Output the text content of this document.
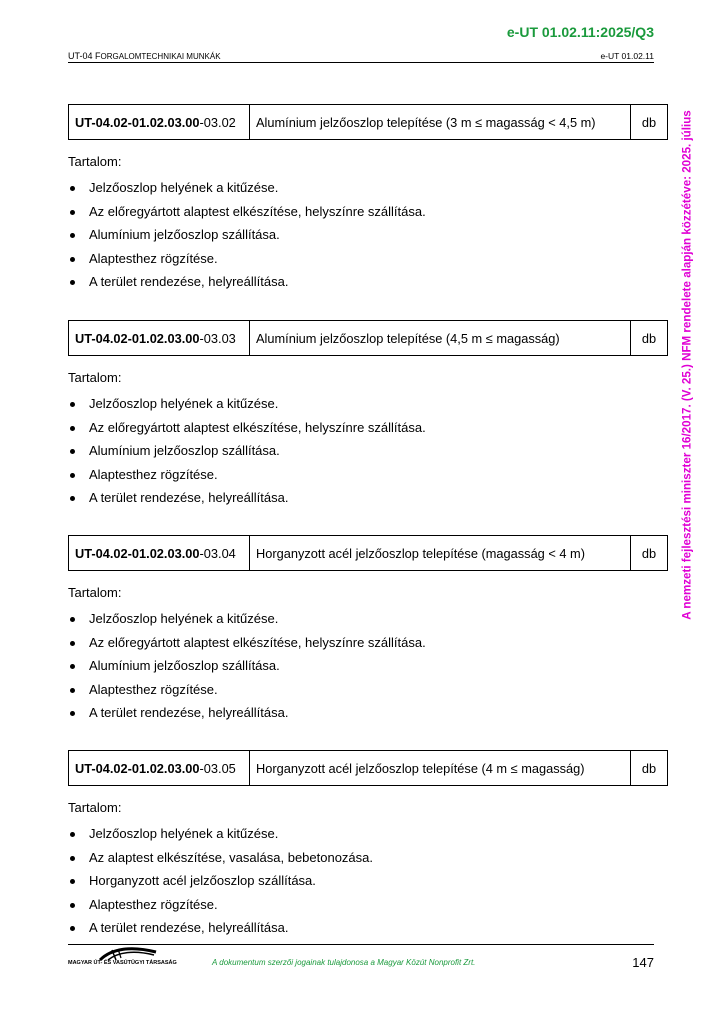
e-UT 01.02.11:2025/Q3
UT-04 FORGALOMTECHNIKAI MUNKÁK	e-UT 01.02.11
A nemzeti fejlesztési miniszter 16/2017. (V. 25.) NFM rendelete alapján közzétéve: 2025. július
UT-04.02-01.02.03.00-03.02	Alumínium jelzőoszlop telepítése (3 m ≤ magasság < 4,5 m)	db
Tartalom:
Jelzőoszlop helyének a kitűzése.
Az előregyártott alaptest elkészítése, helyszínre szállítása.
Alumínium jelzőoszlop szállítása.
Alaptesthez rögzítése.
A terület rendezése, helyreállítása.
UT-04.02-01.02.03.00-03.03	Alumínium jelzőoszlop telepítése (4,5 m ≤ magasság)	db
Tartalom:
Jelzőoszlop helyének a kitűzése.
Az előregyártott alaptest elkészítése, helyszínre szállítása.
Alumínium jelzőoszlop szállítása.
Alaptesthez rögzítése.
A terület rendezése, helyreállítása.
UT-04.02-01.02.03.00-03.04	Horganyzott acél jelzőoszlop telepítése (magasság < 4 m)	db
Tartalom:
Jelzőoszlop helyének a kitűzése.
Az előregyártott alaptest elkészítése, helyszínre szállítása.
Alumínium jelzőoszlop szállítása.
Alaptesthez rögzítése.
A terület rendezése, helyreállítása.
UT-04.02-01.02.03.00-03.05	Horganyzott acél jelzőoszlop telepítése (4 m ≤ magasság)	db
Tartalom:
Jelzőoszlop helyének a kitűzése.
Az alaptest elkészítése, vasalása, bebetonozása.
Horganyzott acél jelzőoszlop szállítása.
Alaptesthez rögzítése.
A terület rendezése, helyreállítása.
MAGYAR ÚT- ÉS VASÚTÜGYI TÁRSASÁG	A dokumentum szerzői jogainak tulajdonosa a Magyar Közút Nonprofit Zrt.	147
